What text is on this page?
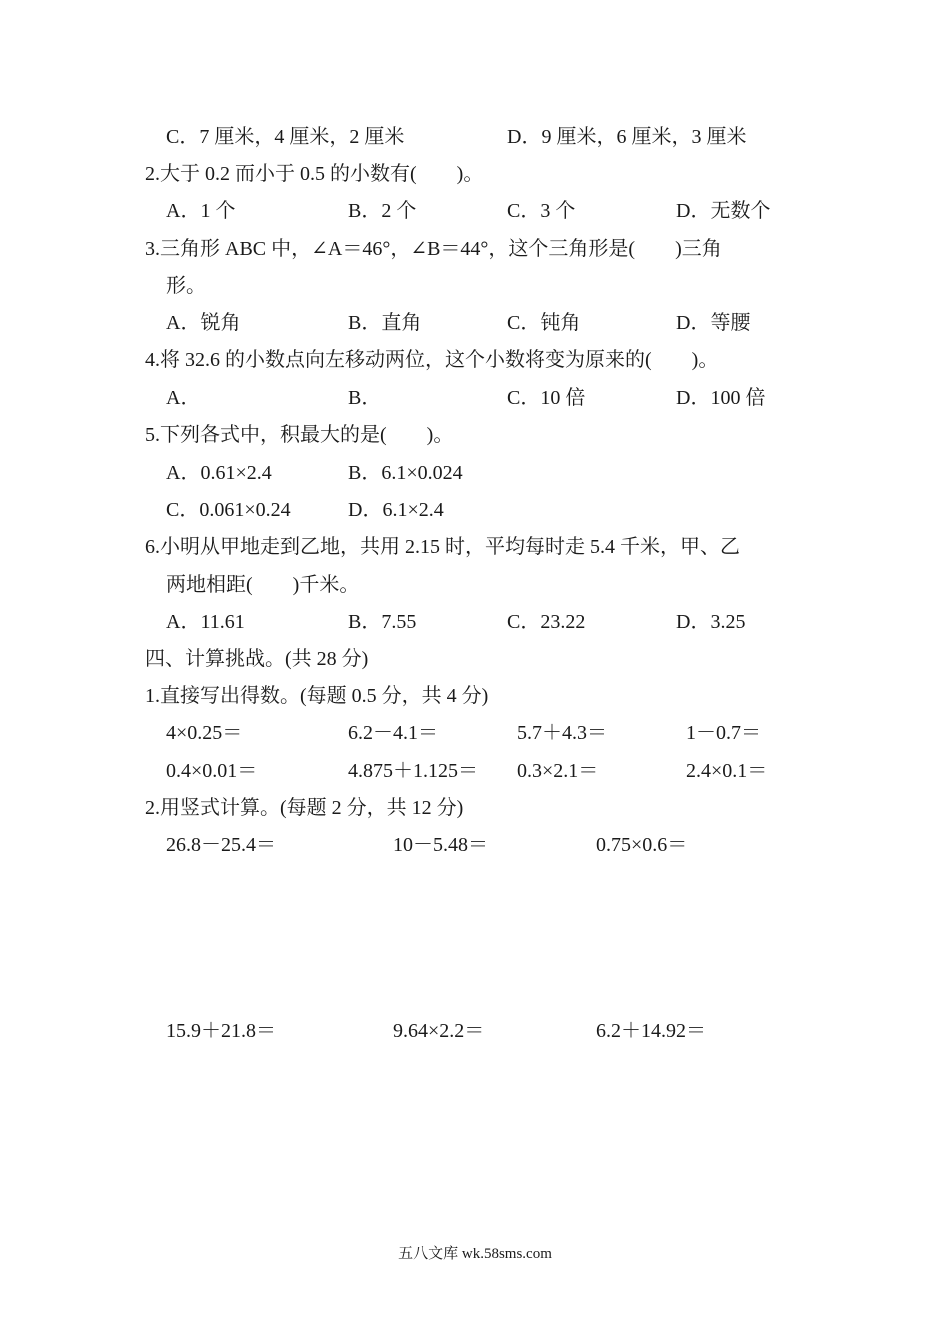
C．7 厘米，4 厘米，2 厘米	D．9 厘米，6 厘米，3 厘米
2.大于 0.2 而小于 0.5 的小数有(　　)。
A．1 个	B．2 个	C．3 个	D．无数个
3.三角形 ABC 中，∠A＝46°，∠B＝44°，这个三角形是(　　)三角
形。
A．锐角	B．直角	C．钝角	D．等腰
4.将 32.6 的小数点向左移动两位，这个小数将变为原来的(　　)。
A．	B．	C．10 倍	D．100 倍
5.下列各式中，积最大的是(　　)。
A．0.61×2.4	B．6.1×0.024
C．0.061×0.24	D．6.1×2.4
6.小明从甲地走到乙地，共用 2.15 时，平均每时走 5.4 千米，甲、乙
两地相距(　　)千米。
A．11.61	B．7.55	C．23.22	D．3.25
四、计算挑战。(共 28 分)
1.直接写出得数。(每题 0.5 分，共 4 分)
4×0.25＝	6.2－4.1＝	5.7＋4.3＝	1－0.7＝
0.4×0.01＝	4.875＋1.125＝ 0.3×2.1＝	2.4×0.1＝
2.用竖式计算。(每题 2 分，共 12 分)
26.8－25.4＝	10－5.48＝	0.75×0.6＝
15.9＋21.8＝	9.64×2.2＝	6.2＋14.92＝
五八文库 wk.58sms.com
